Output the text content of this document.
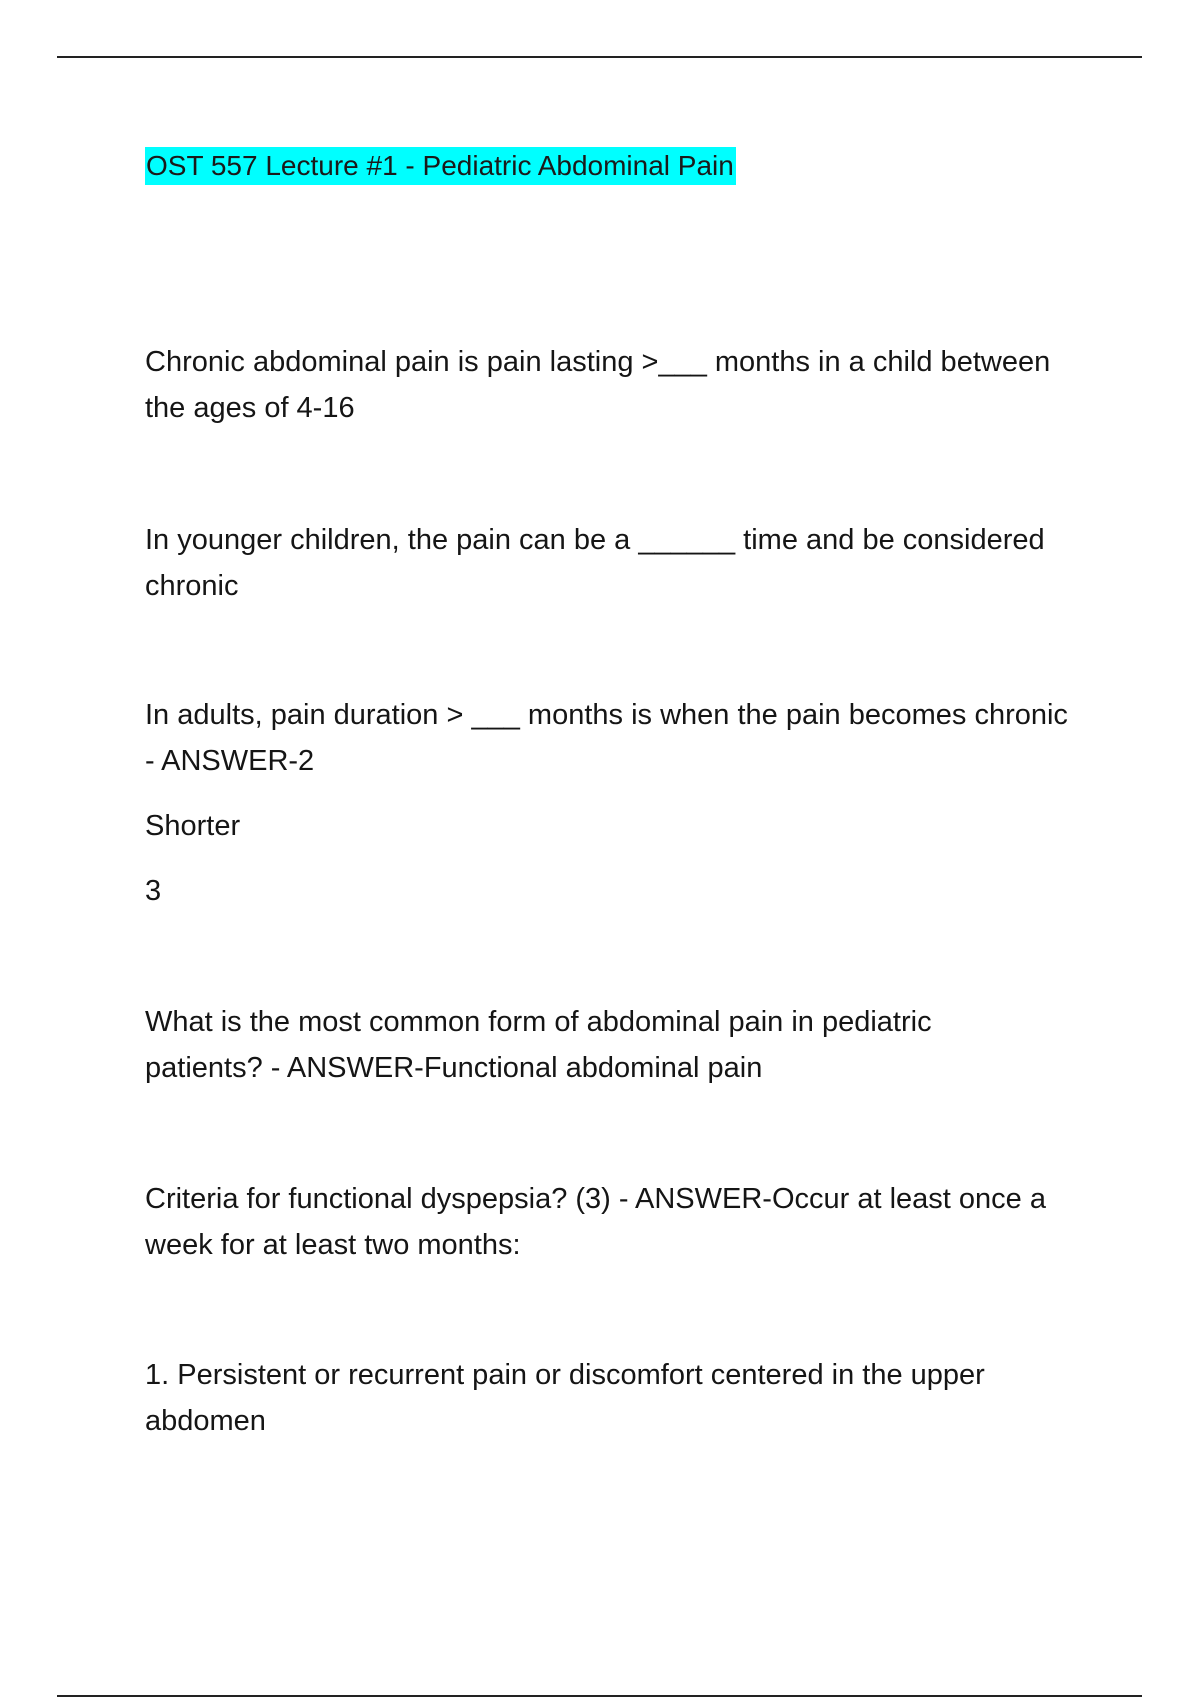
OST 557 Lecture #1 - Pediatric Abdominal Pain
Chronic abdominal pain is pain lasting >___ months in a child between
the ages of 4-16
In younger children, the pain can be a ______ time and be considered
chronic
In adults, pain duration > ___ months is when the pain becomes chronic
- ANSWER-2
Shorter
3
What is the most common form of abdominal pain in pediatric
patients? - ANSWER-Functional abdominal pain
Criteria for functional dyspepsia? (3) - ANSWER-Occur at least once a
week for at least two months:
1. Persistent or recurrent pain or discomfort centered in the upper
abdomen
